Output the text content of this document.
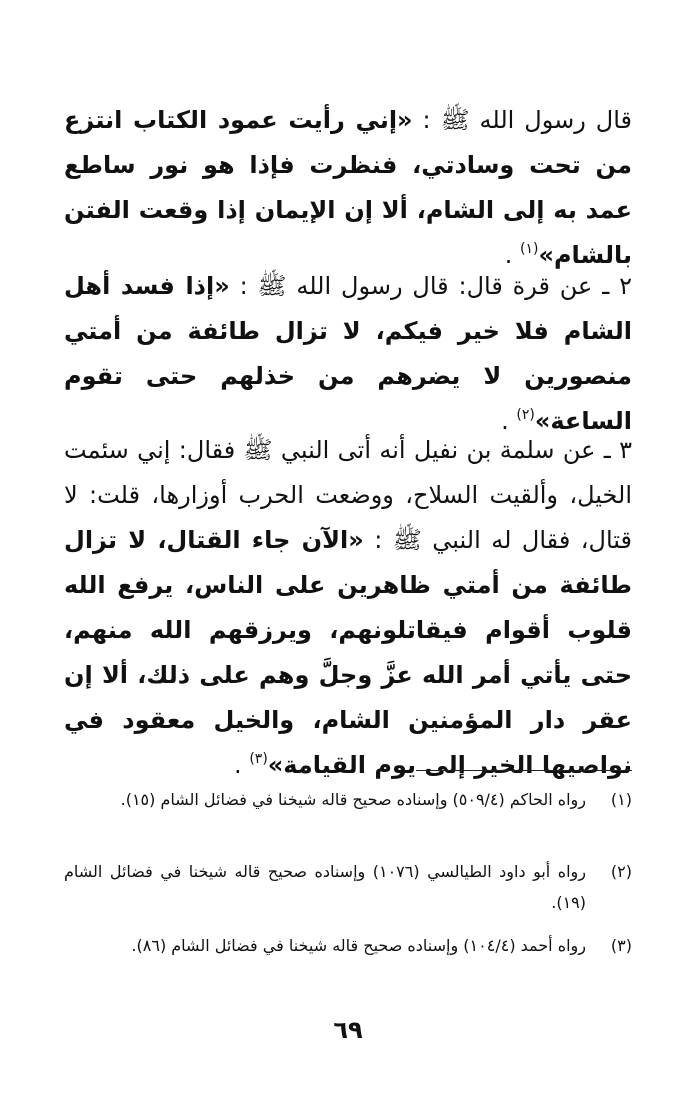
قال رسول الله ﷺ : «إني رأيت عمود الكتاب انتزع من تحت وسادتي، فنظرت فإذا هو نور ساطع عمد به إلى الشام، ألا إن الإيمان إذا وقعت الفتن بالشام»$^{(١)}$ .

٢ ـ عن قرة قال: قال رسول الله ﷺ : «إذا فسد أهل الشام فلا خير فيكم، لا تزال طائفة من أمتي منصورين لا يضرهم من خذلهم حتى تقوم الساعة»$^{(٢)}$ .

٣ ـ عن سلمة بن نفيل أنه أتى النبي ﷺ فقال: إني سئمت الخيل، وألقيت السلاح، ووضعت الحرب أوزارها، قلت: لا قتال، فقال له النبي ﷺ : «الآن جاء القتال، لا تزال طائفة من أمتي ظاهرين على الناس، يرفع الله قلوب أقوام فيقاتلونهم، ويرزقهم الله منهم، حتى يأتي أمر الله عزَّ وجلَّ وهم على ذلك، ألا إن عقر دار المؤمنين الشام، والخيل معقود في نواصيها الخير إلى يوم القيامة»$^{(٣)}$ .

(١)
رواه الحاكم (٥٠٩/٤) وإسناده صحيح قاله شيخنا في فضائل الشام (١٥).
(٢)
رواه أبو داود الطيالسي (١٠٧٦) وإسناده صحيح قاله شيخنا في فضائل الشام (١٩).
(٣)
رواه أحمد (١٠٤/٤) وإسناده صحيح قاله شيخنا في فضائل الشام (٨٦).
٦٩
